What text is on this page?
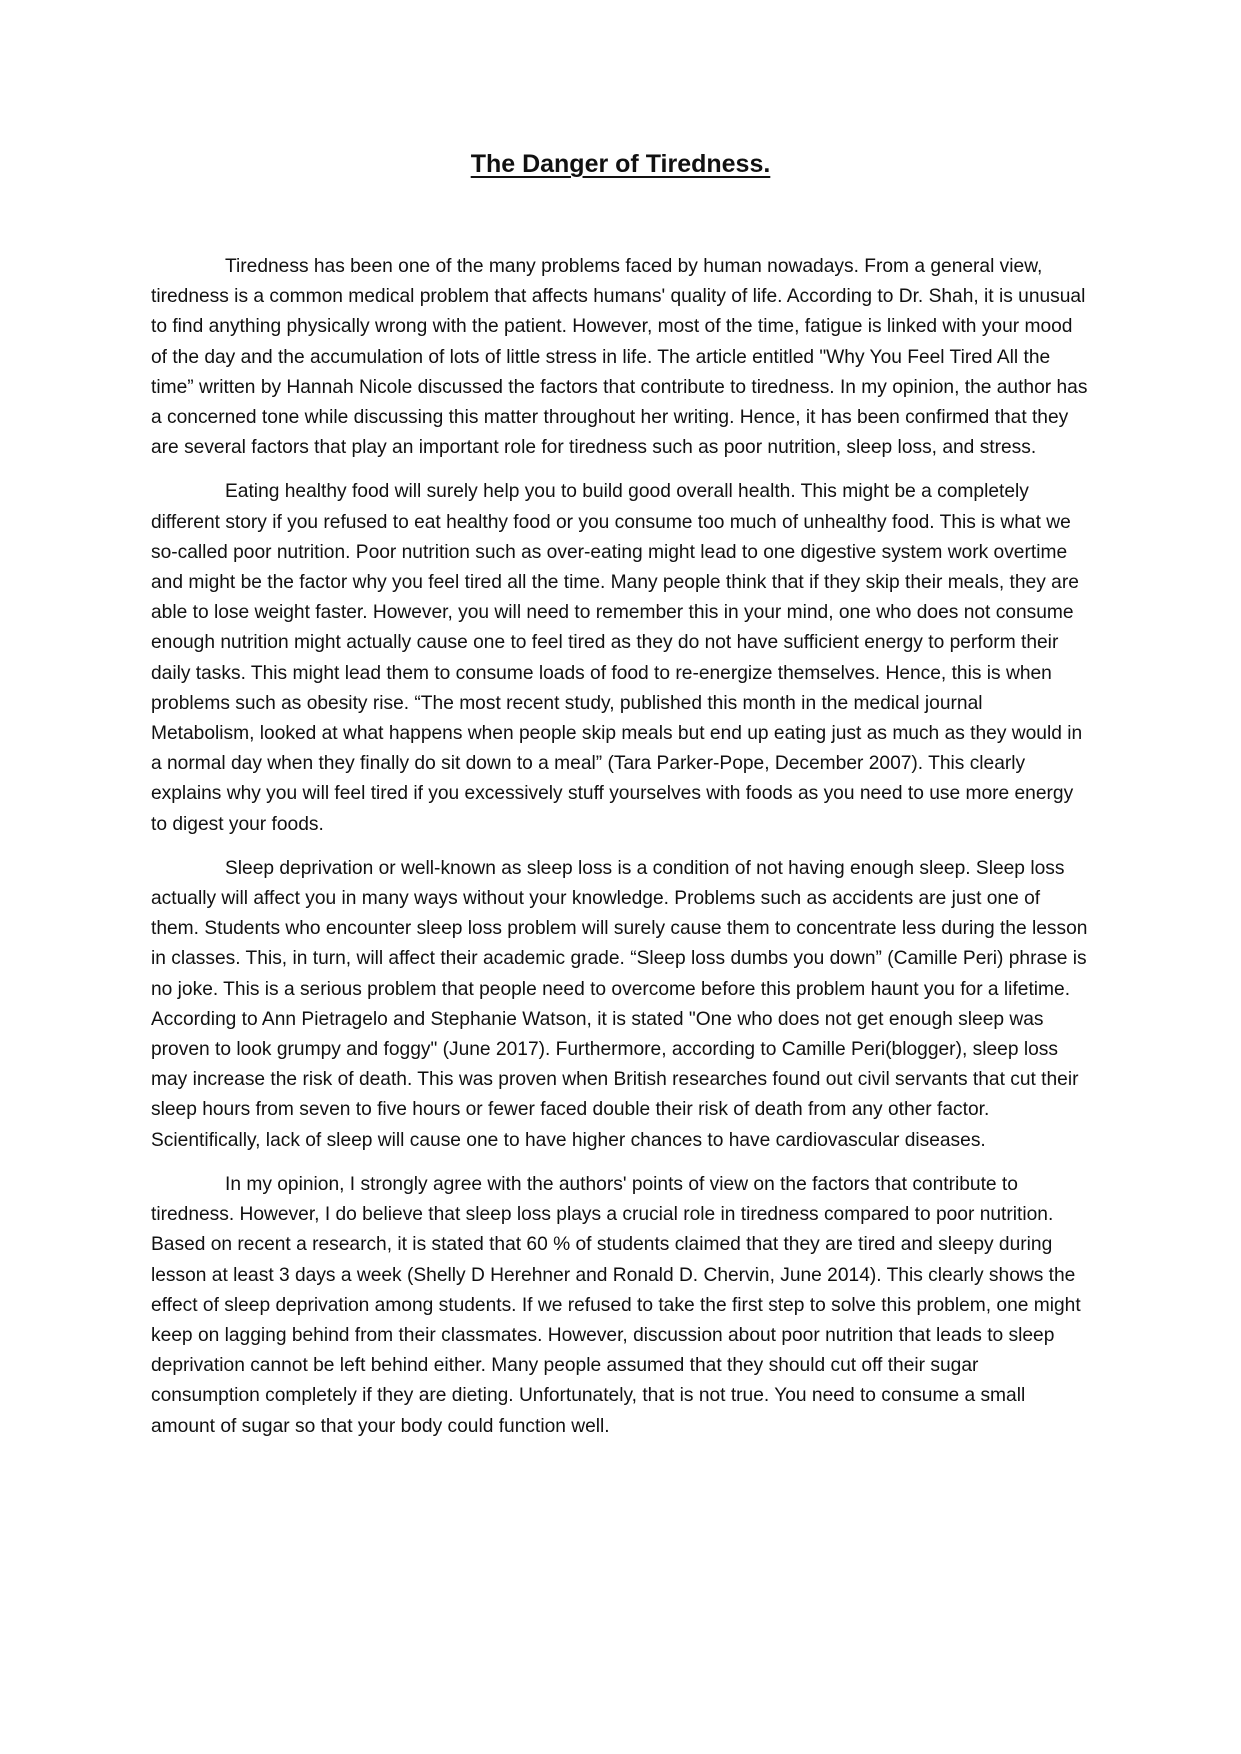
The Danger of Tiredness.

Tiredness has been one of the many problems faced by human nowadays. From a general view, tiredness is a common medical problem that affects humans' quality of life. According to Dr. Shah, it is unusual to find anything physically wrong with the patient. However, most of the time, fatigue is linked with your mood of the day and the accumulation of lots of little stress in life. The article entitled "Why You Feel Tired All the time” written by Hannah Nicole discussed the factors that contribute to tiredness. In my opinion, the author has a concerned tone while discussing this matter throughout her writing. Hence, it has been confirmed that they are several factors that play an important role for tiredness such as poor nutrition, sleep loss, and stress.

Eating healthy food will surely help you to build good overall health. This might be a completely different story if you refused to eat healthy food or you consume too much of unhealthy food. This is what we so-called poor nutrition. Poor nutrition such as over-eating might lead to one digestive system work overtime and might be the factor why you feel tired all the time. Many people think that if they skip their meals, they are able to lose weight faster. However, you will need to remember this in your mind, one who does not consume enough nutrition might actually cause one to feel tired as they do not have sufficient energy to perform their daily tasks. This might lead them to consume loads of food to re-energize themselves. Hence, this is when problems such as obesity rise. “The most recent study, published this month in the medical journal Metabolism, looked at what happens when people skip meals but end up eating just as much as they would in a normal day when they finally do sit down to a meal” (Tara Parker-Pope, December 2007). This clearly explains why you will feel tired if you excessively stuff yourselves with foods as you need to use more energy to digest your foods.

Sleep deprivation or well-known as sleep loss is a condition of not having enough sleep. Sleep loss actually will affect you in many ways without your knowledge. Problems such as accidents are just one of them. Students who encounter sleep loss problem will surely cause them to concentrate less during the lesson in classes. This, in turn, will affect their academic grade. “Sleep loss dumbs you down” (Camille Peri) phrase is no joke. This is a serious problem that people need to overcome before this problem haunt you for a lifetime. According to Ann Pietragelo and Stephanie Watson, it is stated "One who does not get enough sleep was proven to look grumpy and foggy" (June 2017). Furthermore, according to Camille Peri(blogger), sleep loss may increase the risk of death. This was proven when British researches found out civil servants that cut their sleep hours from seven to five hours or fewer faced double their risk of death from any other factor. Scientifically, lack of sleep will cause one to have higher chances to have cardiovascular diseases.

In my opinion, I strongly agree with the authors' points of view on the factors that contribute to tiredness. However, I do believe that sleep loss plays a crucial role in tiredness compared to poor nutrition. Based on recent a research, it is stated that 60 % of students claimed that they are tired and sleepy during lesson at least 3 days a week (Shelly D Herehner and Ronald D. Chervin, June 2014). This clearly shows the effect of sleep deprivation among students. If we refused to take the first step to solve this problem, one might keep on lagging behind from their classmates. However, discussion about poor nutrition that leads to sleep deprivation cannot be left behind either. Many people assumed that they should cut off their sugar consumption completely if they are dieting. Unfortunately, that is not true. You need to consume a small amount of sugar so that your body could function well.
